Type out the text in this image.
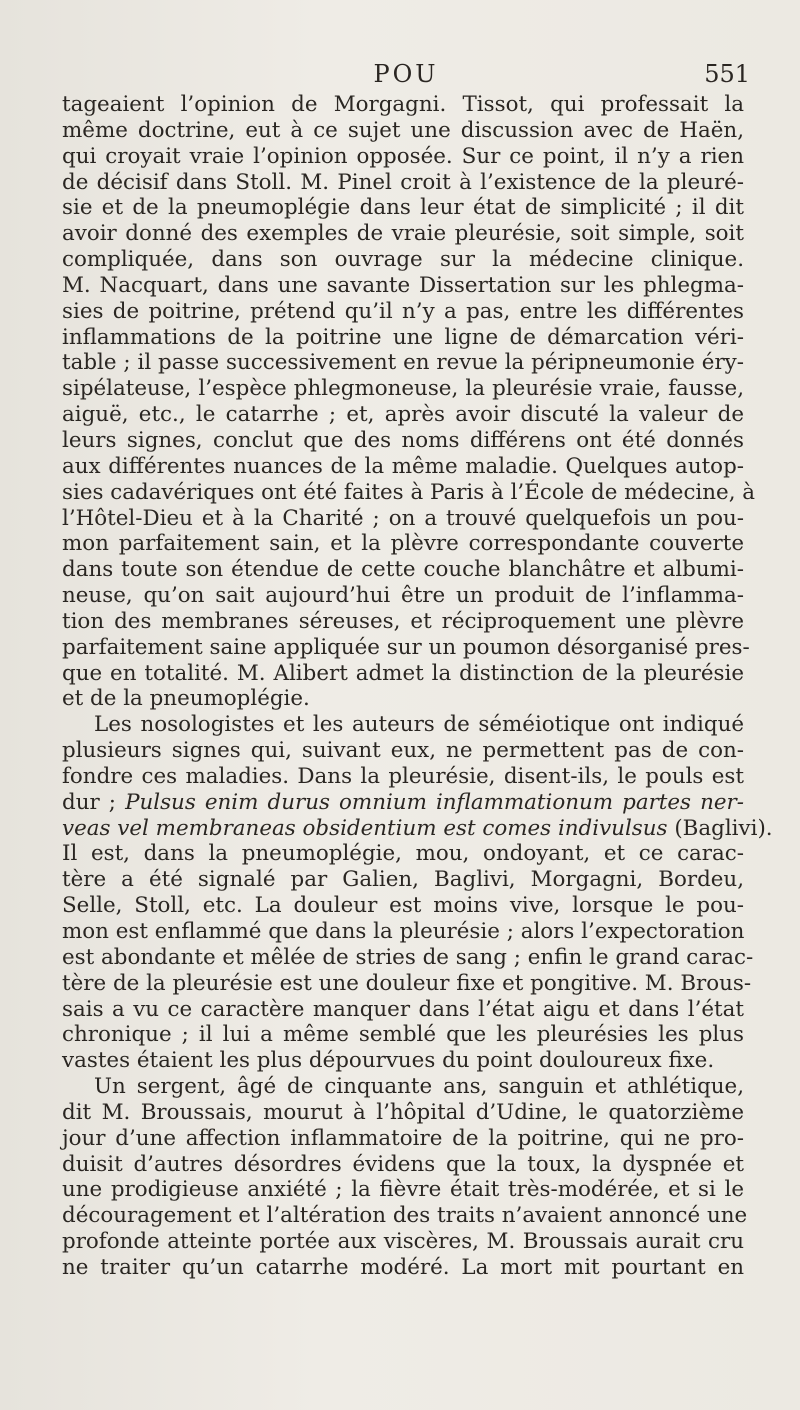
POU	551
tageaient l’opinion de Morgagni. Tissot, qui professait la
même doctrine, eut à ce sujet une discussion avec de Haën,
qui croyait vraie l’opinion opposée. Sur ce point, il n’y a rien
de décisif dans Stoll. M. Pinel croit à l’existence de la pleuré-
sie et de la pneumoplégie dans leur état de simplicité ; il dit
avoir donné des exemples de vraie pleurésie, soit simple, soit
compliquée, dans son ouvrage sur la médecine clinique.
M. Nacquart, dans une savante Dissertation sur les phlegma-
sies de poitrine, prétend qu’il n’y a pas, entre les différentes
inflammations de la poitrine une ligne de démarcation véri-
table ; il passe successivement en revue la péripneumonie éry-
sipélateuse, l’espèce phlegmoneuse, la pleurésie vraie, fausse,
aiguë, etc., le catarrhe ; et, après avoir discuté la valeur de
leurs signes, conclut que des noms différens ont été donnés
aux différentes nuances de la même maladie. Quelques autop-
sies cadavériques ont été faites à Paris à l’École de médecine, à
l’Hôtel-Dieu et à la Charité ; on a trouvé quelquefois un pou-
mon parfaitement sain, et la plèvre correspondante couverte
dans toute son étendue de cette couche blanchâtre et albumi-
neuse, qu’on sait aujourd’hui être un produit de l’inflamma-
tion des membranes séreuses, et réciproquement une plèvre
parfaitement saine appliquée sur un poumon désorganisé pres-
que en totalité. M. Alibert admet la distinction de la pleurésie
et de la pneumoplégie.
Les nosologistes et les auteurs de séméiotique ont indiqué
plusieurs signes qui, suivant eux, ne permettent pas de con-
fondre ces maladies. Dans la pleurésie, disent-ils, le pouls est
dur ; Pulsus enim durus omnium inflammationum partes ner-
veas vel membraneas obsidentium est comes indivulsus (Baglivi).
Il est, dans la pneumoplégie, mou, ondoyant, et ce carac-
tère a été signalé par Galien, Baglivi, Morgagni, Bordeu,
Selle, Stoll, etc. La douleur est moins vive, lorsque le pou-
mon est enflammé que dans la pleurésie ; alors l’expectoration
est abondante et mêlée de stries de sang ; enfin le grand carac-
tère de la pleurésie est une douleur fixe et pongitive. M. Brous-
sais a vu ce caractère manquer dans l’état aigu et dans l’état
chronique ; il lui a même semblé que les pleurésies les plus
vastes étaient les plus dépourvues du point douloureux fixe.
Un sergent, âgé de cinquante ans, sanguin et athlétique,
dit M. Broussais, mourut à l’hôpital d’Udine, le quatorzième
jour d’une affection inflammatoire de la poitrine, qui ne pro-
duisit d’autres désordres évidens que la toux, la dyspnée et
une prodigieuse anxiété ; la fièvre était très-modérée, et si le
découragement et l’altération des traits n’avaient annoncé une
profonde atteinte portée aux viscères, M. Broussais aurait cru
ne traiter qu’un catarrhe modéré. La mort mit pourtant en
